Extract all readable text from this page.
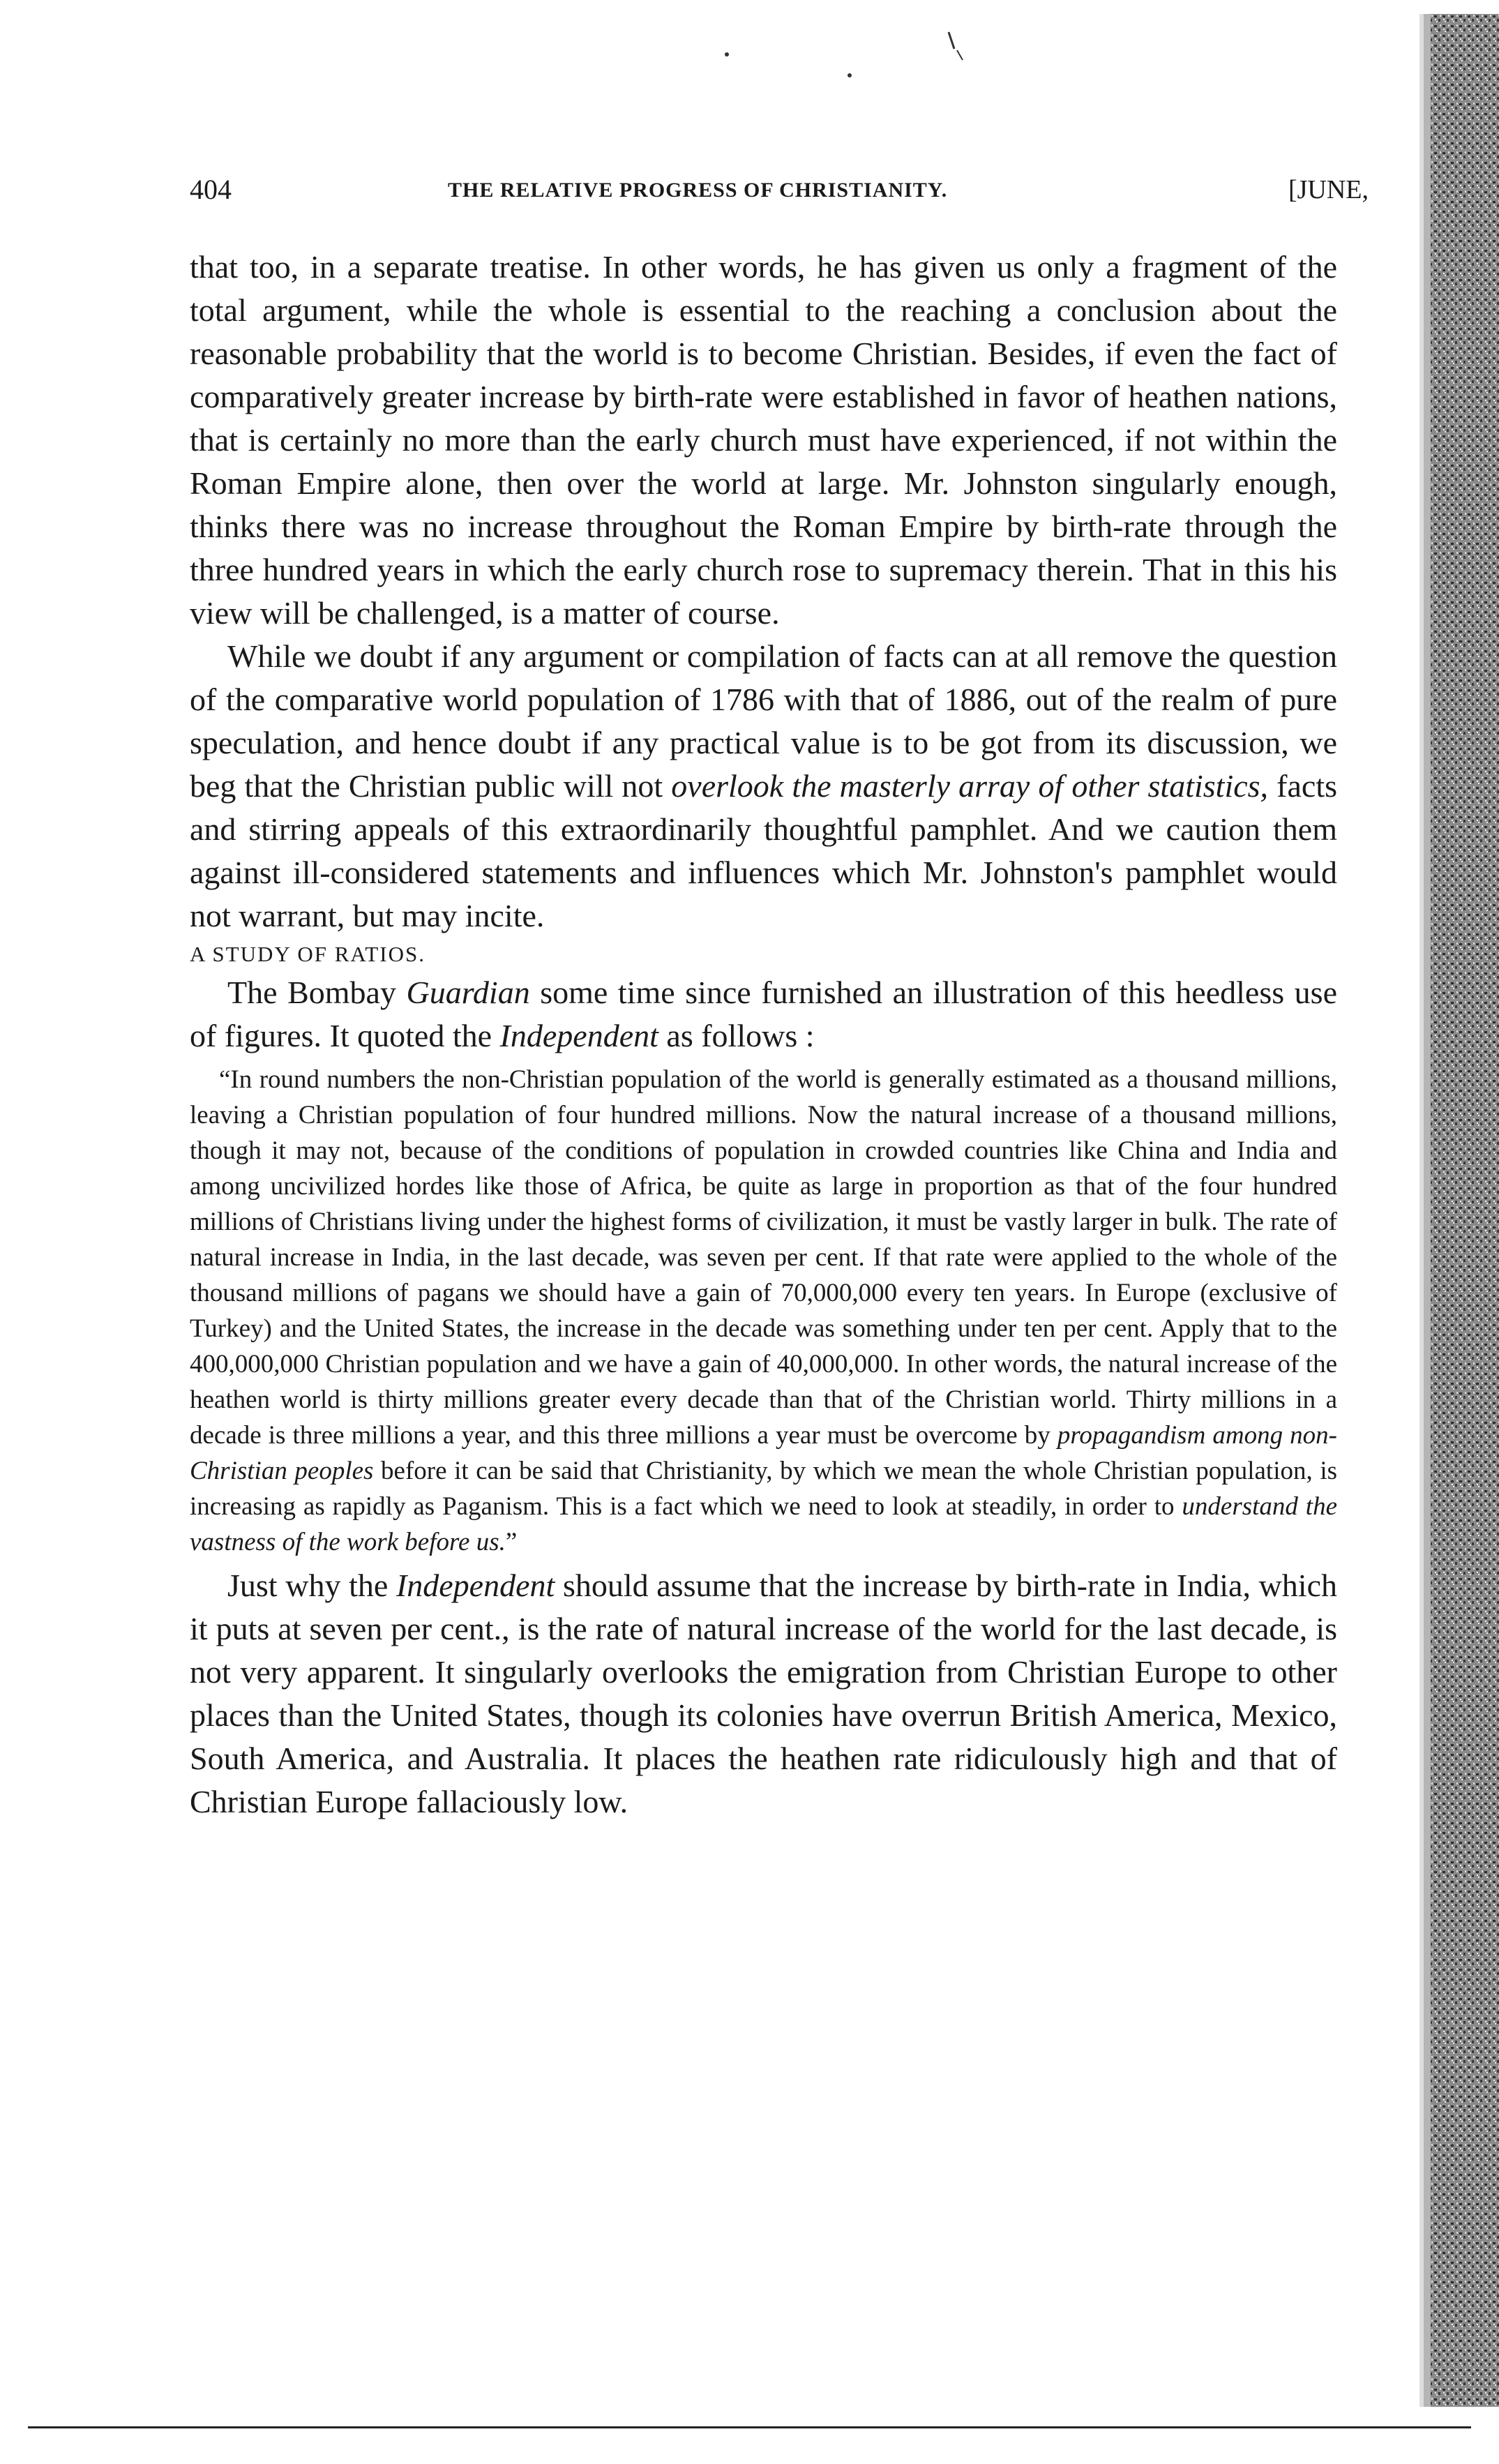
404	THE RELATIVE PROGRESS OF CHRISTIANITY.	[JUNE,

that too, in a separate treatise. In other words, he has given us only a fragment of the total argument, while the whole is essential to the reaching a conclusion about the reasonable probability that the world is to become Christian. Besides, if even the fact of comparatively greater increase by birth-rate were established in favor of heathen nations, that is certainly no more than the early church must have experienced, if not within the Roman Empire alone, then over the world at large. Mr. Johnston singularly enough, thinks there was no increase throughout the Roman Empire by birth-rate through the three hundred years in which the early church rose to supremacy therein. That in this his view will be challenged, is a matter of course.

While we doubt if any argument or compilation of facts can at all remove the question of the comparative world population of 1786 with that of 1886, out of the realm of pure speculation, and hence doubt if any practical value is to be got from its discussion, we beg that the Christian public will not overlook the masterly array of other statistics, facts and stirring appeals of this extraordinarily thoughtful pamphlet. And we caution them against ill-considered statements and influences which Mr. Johnston's pamphlet would not warrant, but may incite.

A STUDY OF RATIOS.

The Bombay Guardian some time since furnished an illustration of this heedless use of figures. It quoted the Independent as follows :

“In round numbers the non-Christian population of the world is generally estimated as a thousand millions, leaving a Christian population of four hundred millions. Now the natural increase of a thousand millions, though it may not, because of the conditions of population in crowded countries like China and India and among uncivilized hordes like those of Africa, be quite as large in proportion as that of the four hundred millions of Christians living under the highest forms of civilization, it must be vastly larger in bulk. The rate of natural increase in India, in the last decade, was seven per cent. If that rate were applied to the whole of the thousand millions of pagans we should have a gain of 70,000,000 every ten years. In Europe (exclusive of Turkey) and the United States, the increase in the decade was something under ten per cent. Apply that to the 400,000,000 Christian population and we have a gain of 40,000,000. In other words, the natural increase of the heathen world is thirty millions greater every decade than that of the Christian world. Thirty millions in a decade is three millions a year, and this three millions a year must be overcome by propagandism among non-Christian peoples before it can be said that Christianity, by which we mean the whole Christian population, is increasing as rapidly as Paganism. This is a fact which we need to look at steadily, in order to understand the vastness of the work before us.”

Just why the Independent should assume that the increase by birth-rate in India, which it puts at seven per cent., is the rate of natural increase of the world for the last decade, is not very apparent. It singularly overlooks the emigration from Christian Europe to other places than the United States, though its colonies have overrun British America, Mexico, South America, and Australia. It places the heathen rate ridiculously high and that of Christian Europe fallaciously low.
